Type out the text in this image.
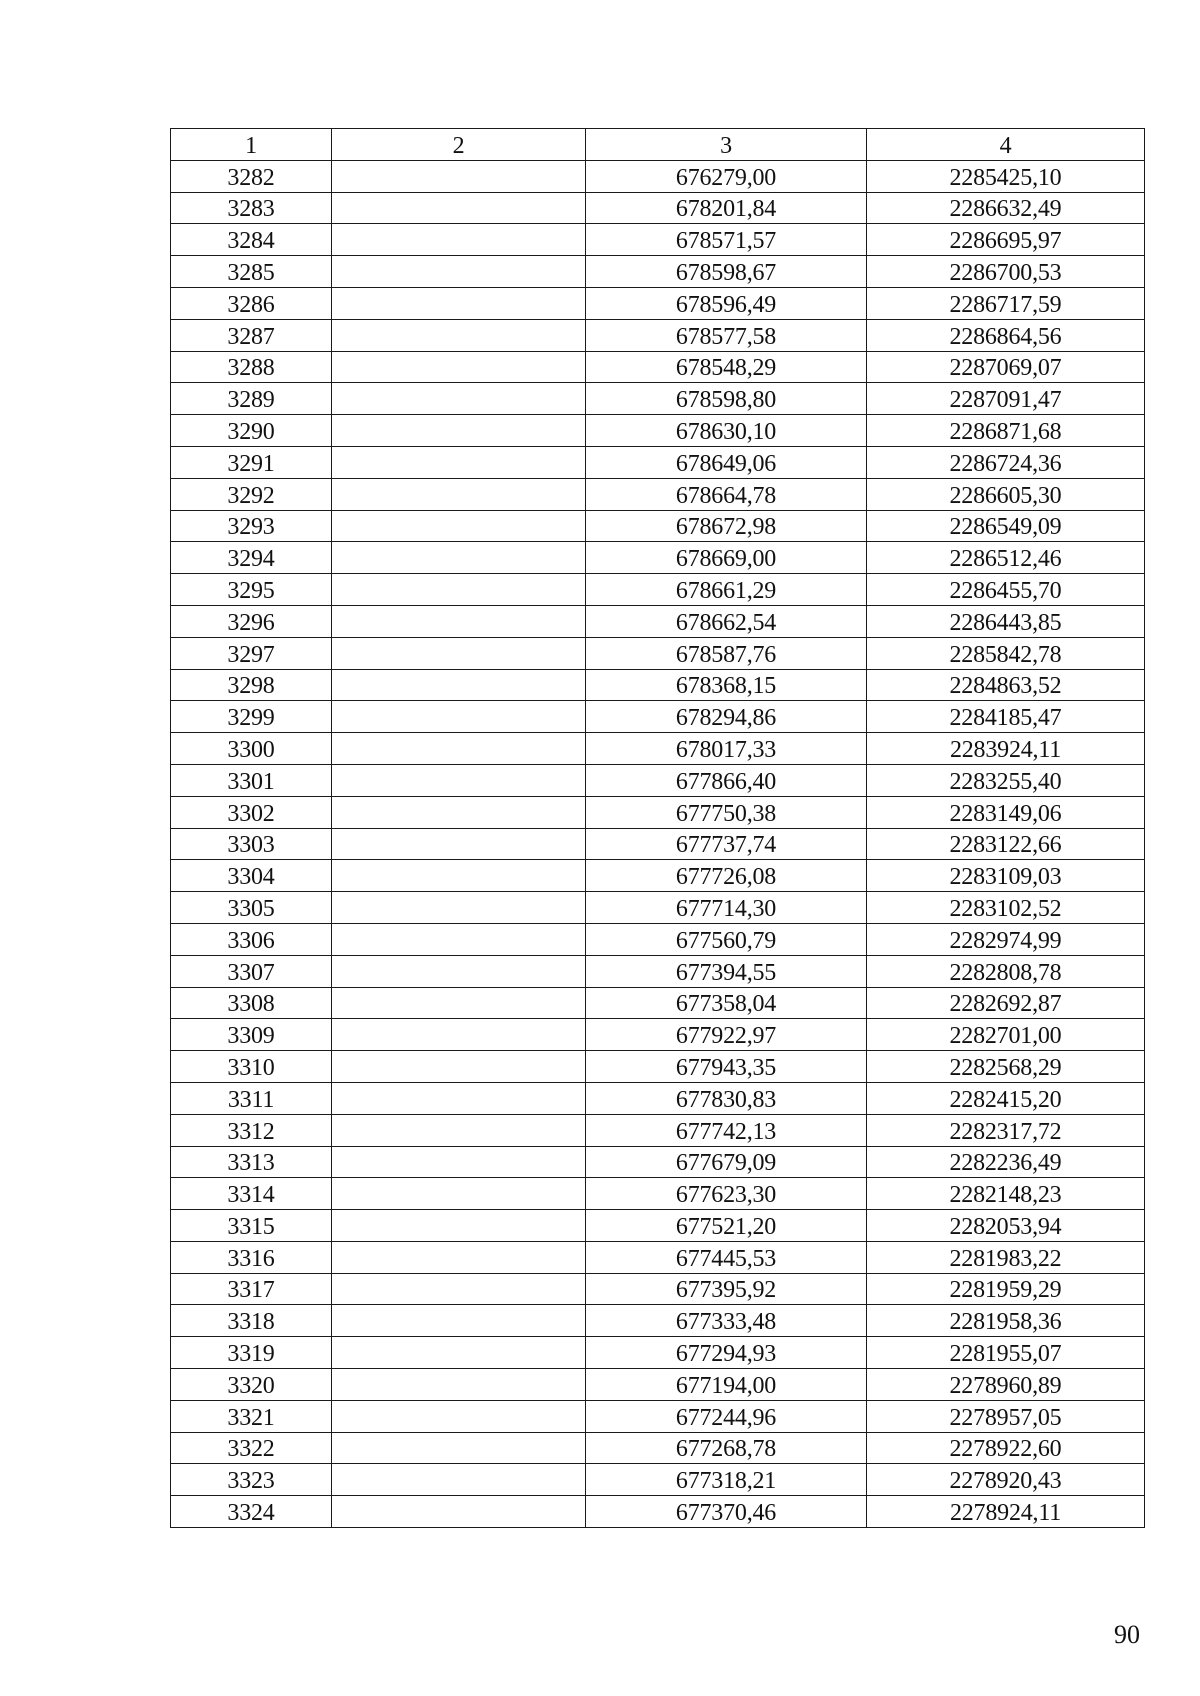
1	2	3	4
3282		676279,00	2285425,10
3283		678201,84	2286632,49
3284		678571,57	2286695,97
3285		678598,67	2286700,53
3286		678596,49	2286717,59
3287		678577,58	2286864,56
3288		678548,29	2287069,07
3289		678598,80	2287091,47
3290		678630,10	2286871,68
3291		678649,06	2286724,36
3292		678664,78	2286605,30
3293		678672,98	2286549,09
3294		678669,00	2286512,46
3295		678661,29	2286455,70
3296		678662,54	2286443,85
3297		678587,76	2285842,78
3298		678368,15	2284863,52
3299		678294,86	2284185,47
3300		678017,33	2283924,11
3301		677866,40	2283255,40
3302		677750,38	2283149,06
3303		677737,74	2283122,66
3304		677726,08	2283109,03
3305		677714,30	2283102,52
3306		677560,79	2282974,99
3307		677394,55	2282808,78
3308		677358,04	2282692,87
3309		677922,97	2282701,00
3310		677943,35	2282568,29
3311		677830,83	2282415,20
3312		677742,13	2282317,72
3313		677679,09	2282236,49
3314		677623,30	2282148,23
3315		677521,20	2282053,94
3316		677445,53	2281983,22
3317		677395,92	2281959,29
3318		677333,48	2281958,36
3319		677294,93	2281955,07
3320		677194,00	2278960,89
3321		677244,96	2278957,05
3322		677268,78	2278922,60
3323		677318,21	2278920,43
3324		677370,46	2278924,11
90
